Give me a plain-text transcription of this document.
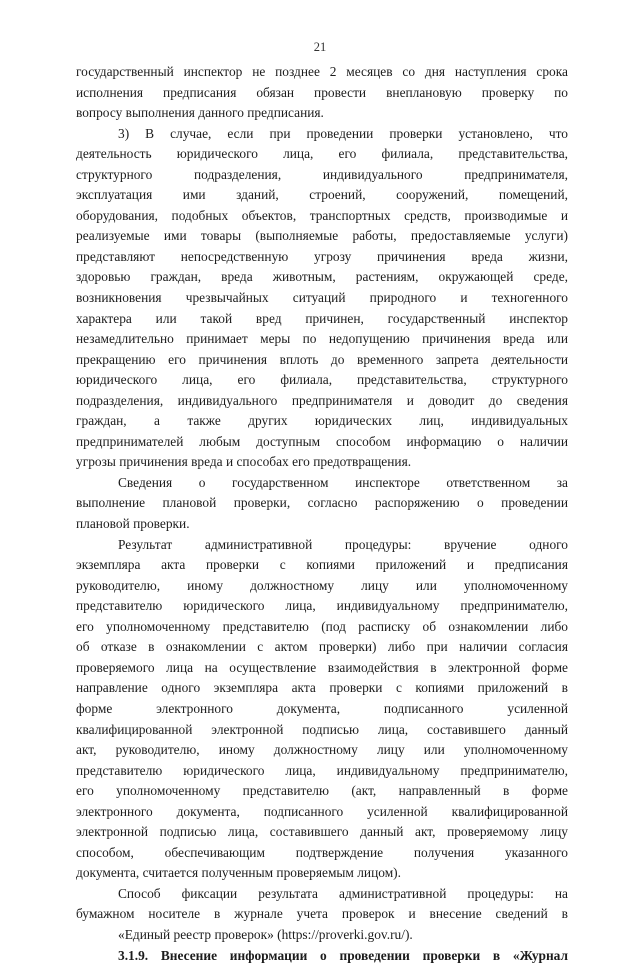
21
государственный инспектор не позднее 2 месяцев со дня наступления срока
исполнения предписания обязан провести внеплановую проверку по
вопросу выполнения данного предписания.
3) В случае, если при проведении проверки установлено, что
деятельность юридического лица, его филиала, представительства,
структурного подразделения, индивидуального предпринимателя,
эксплуатация ими зданий, строений, сооружений, помещений,
оборудования, подобных объектов, транспортных средств, производимые и
реализуемые ими товары (выполняемые работы, предоставляемые услуги)
представляют непосредственную угрозу причинения вреда жизни,
здоровью граждан, вреда животным, растениям, окружающей среде,
возникновения чрезвычайных ситуаций природного и техногенного
характера или такой вред причинен, государственный инспектор
незамедлительно принимает меры по недопущению причинения вреда или
прекращению его причинения вплоть до временного запрета деятельности
юридического лица, его филиала, представительства, структурного
подразделения, индивидуального предпринимателя и доводит до сведения
граждан, а также других юридических лиц, индивидуальных
предпринимателей любым доступным способом информацию о наличии
угрозы причинения вреда и способах его предотвращения.
Сведения о государственном инспекторе ответственном за
выполнение плановой проверки, согласно распоряжению о проведении
плановой проверки.
Результат административной процедуры: вручение одного
экземпляра акта проверки с копиями приложений и предписания
руководителю, иному должностному лицу или уполномоченному
представителю юридического лица, индивидуальному предпринимателю,
его уполномоченному представителю (под расписку об ознакомлении либо
об отказе в ознакомлении с актом проверки) либо при наличии согласия
проверяемого лица на осуществление взаимодействия в электронной форме
направление одного экземпляра акта проверки с копиями приложений в
форме электронного документа, подписанного усиленной
квалифицированной электронной подписью лица, составившего данный
акт, руководителю, иному должностному лицу или уполномоченному
представителю юридического лица, индивидуальному предпринимателю,
его уполномоченному представителю (акт, направленный в форме
электронного документа, подписанного усиленной квалифицированной
электронной подписью лица, составившего данный акт, проверяемому лицу
способом, обеспечивающим подтверждение получения указанного
документа, считается полученным проверяемым лицом).
Способ фиксации результата административной процедуры: на
бумажном носителе в журнале учета проверок и внесение сведений в
«Единый реестр проверок» (https://proverki.gov.ru/).
3.1.9. Внесение информации о проведении проверки в «Журнал
